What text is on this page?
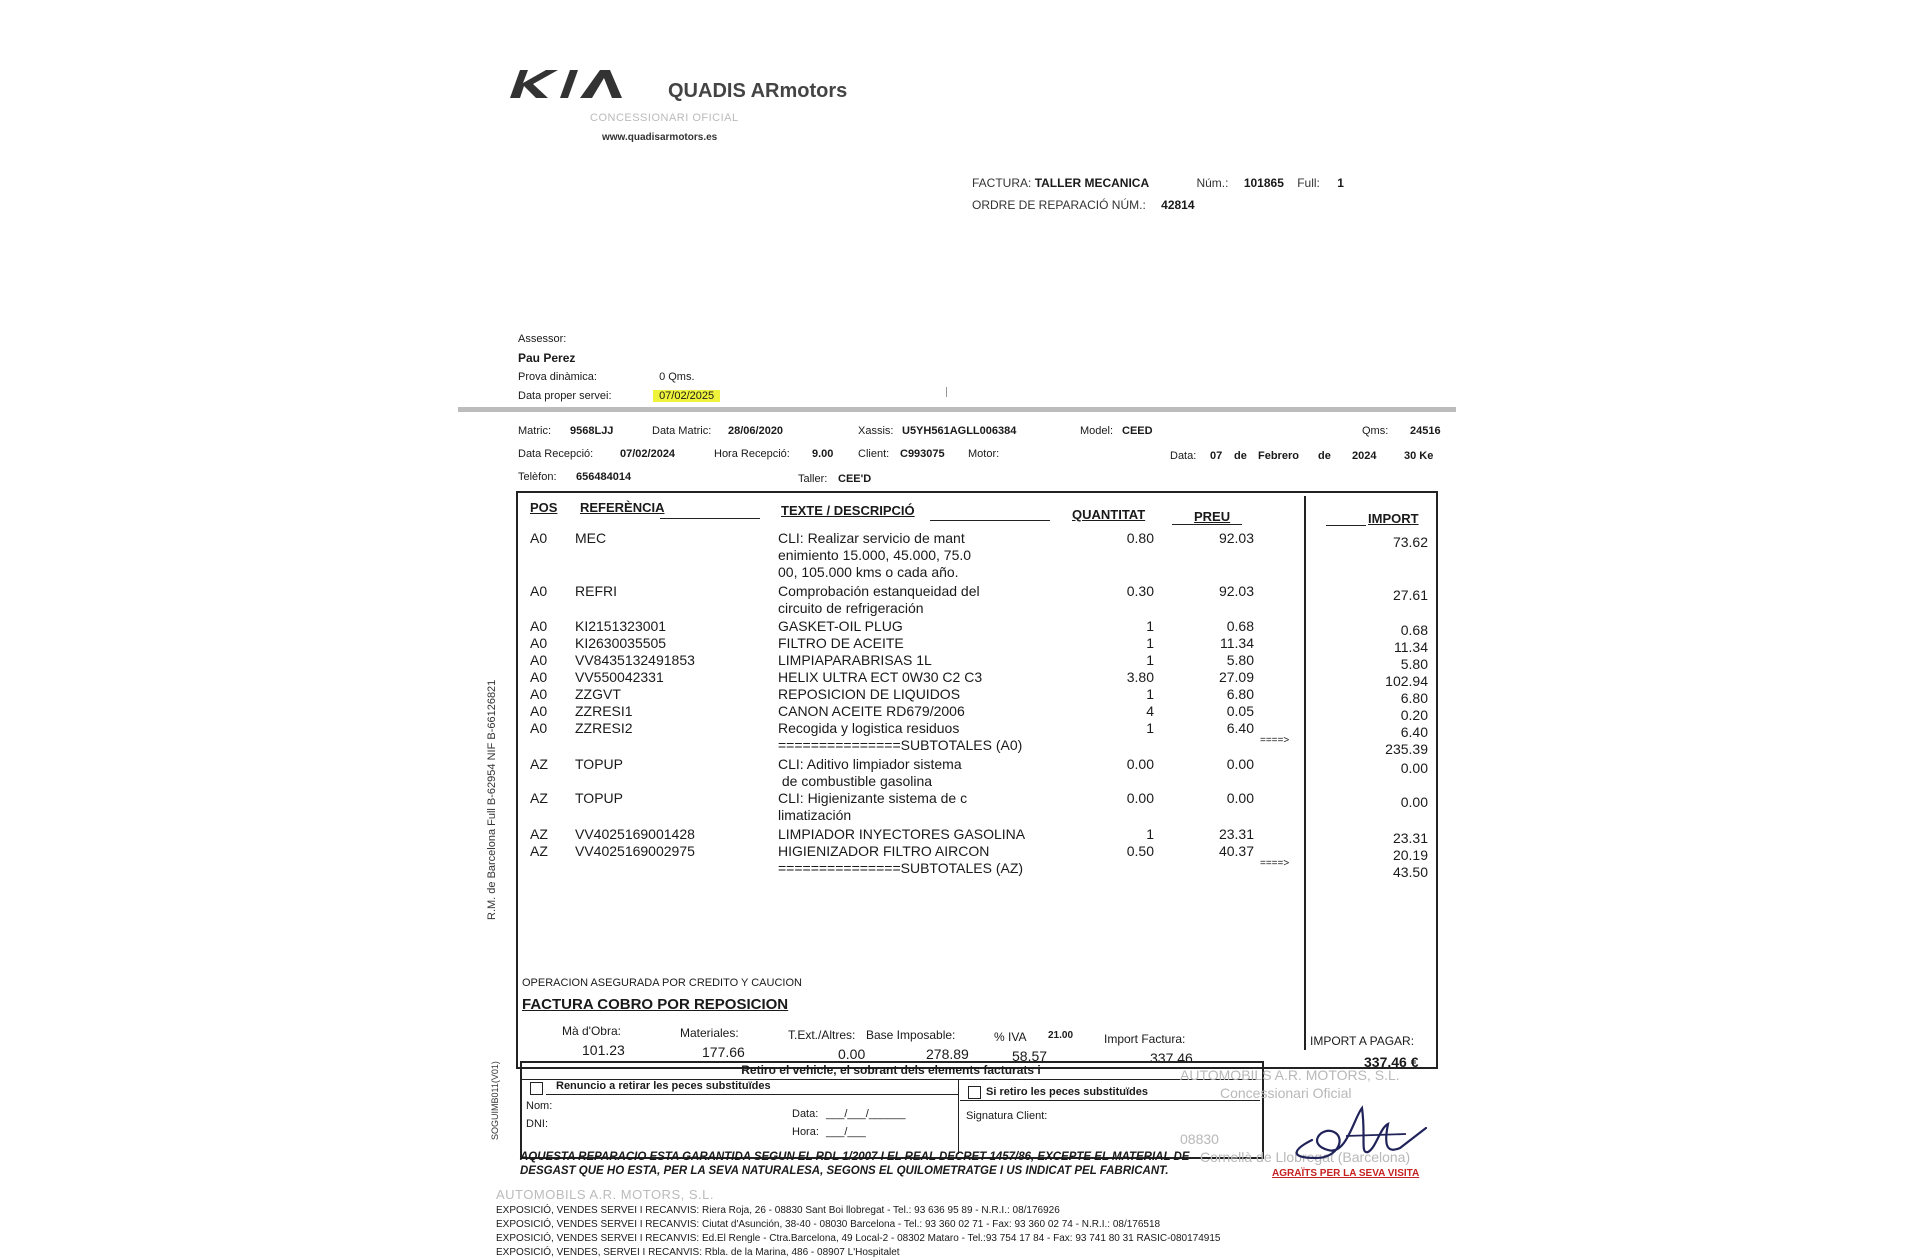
QUADIS ARmotors
CONCESSIONARI OFICIAL
www.quadisarmotors.es
FACTURA: TALLER MECANICA	Núm.: 101865 Full: 1
ORDRE DE REPARACIÓ NÚM.: 42814
Assessor:
Pau Perez
Prova dinàmica:	0 Qms.
Data proper servei:	07/02/2025
Matric: 9568LJJ	Data Matric: 28/06/2020	Xassis: U5YH561AGLL006384	Model: CEED	Qms: 24516
Data Recepció: 07/02/2024	Hora Recepció: 9.00 Client: C993075 Motor:	Data: 07 de Febrero de 2024	30 Ke
Telèfon: 656484014	Taller: CEE'D
POS REFERÈNCIA	TEXTE / DESCRIPCIÓ	QUANTITAT	PREU	IMPORT
A0 MEC	CLI: Realizar servicio de mant
enimiento 15.000, 45.000, 75.0
00, 105.000 kms o cada año.
0.80	92.03	73.62
A0 REFRI	Comprobación estanqueidad del
circuito de refrigeración
0.30	92.03	27.61
A0 KI2151323001	GASKET-OIL PLUG	1	0.68	0.68
A0 KI2630035505	FILTRO DE ACEITE	1	11.34	11.34
A0 VV8435132491853	LIMPIAPARABRISAS 1L	1	5.80	5.80
A0 VV550042331	HELIX ULTRA ECT 0W30 C2 C3	3.80	27.09	102.94
A0 ZZGVT	REPOSICION DE LIQUIDOS	1	6.80	6.80
A0 ZZRESI1	CANON ACEITE RD679/2006	4	0.05	0.20
A0 ZZRESI2	Recogida y logistica residuos	1	6.40	6.40
===============SUBTOTALES (A0)	235.39
====>
AZ TOPUP	CLI: Aditivo limpiador sistema
de combustible gasolina
0.00	0.00	0.00
AZ TOPUP	CLI: Higienizante sistema de c
limatización
0.00	0.00	0.00
AZ VV4025169001428	LIMPIADOR INYECTORES GASOLINA	1	23.31	23.31
AZ VV4025169002975	HIGIENIZADOR FILTRO AIRCON	0.50	40.37	20.19
===============SUBTOTALES (AZ)	43.50
====>
R.M. de Barcelona Full B-62954 NIF B-66126821
SOGUIMB011(V01)
OPERACION ASEGURADA POR CREDITO Y CAUCION
FACTURA COBRO POR REPOSICION
Mà d'Obra:
101.23
Materiales:
177.66
T.Ext./Altres:
0.00
Base Imposable:
278.89
% IVA 21.00
58.57
Import Factura:
337.46
IMPORT A PAGAR:
337.46 €
Retiro el vehicle, el sobrant dels elements facturats i
Renuncio a retirar les peces substituïdes	Si retiro les peces substituïdes
Nom:
DNI:
Data: ___/___/______
Hora: ___/___
Signatura Client:
AUTOMOBILS A.R. MOTORS, S.L.
Concessionari Oficial
08830
Cornellà de Llobregat (Barcelona)
AQUESTA REPARACIO ESTA GARANTIDA SEGUN EL RDL 1/2007 I EL REAL DECRET 1457/86, EXCEPTE EL MATERIAL DE
DESGAST QUE HO ESTA, PER LA SEVA NATURALESA, SEGONS EL QUILOMETRATGE I US INDICAT PEL FABRICANT.	AGRAÏTS PER LA SEVA VISITA
AUTOMOBILS A.R. MOTORS, S.L.
EXPOSICIÓ, VENDES SERVEI I RECANVIS: Riera Roja, 26 - 08830 Sant Boi llobregat - Tel.: 93 636 95 89 - N.R.I.: 08/176926
EXPOSICIÓ, VENDES SERVEI I RECANVIS: Ciutat d'Asunción, 38-40 - 08030 Barcelona - Tel.: 93 360 02 71 - Fax: 93 360 02 74 - N.R.I.: 08/176518
EXPOSICIÓ, VENDES SERVEI I RECANVIS: Ed.El Rengle - Ctra.Barcelona, 49 Local-2 - 08302 Mataro - Tel.:93 754 17 84 - Fax: 93 741 80 31 RASIC-080174915
EXPOSICIÓ, VENDES, SERVEI I RECANVIS: Rbla. de la Marina, 486 - 08907 L'Hospitalet
